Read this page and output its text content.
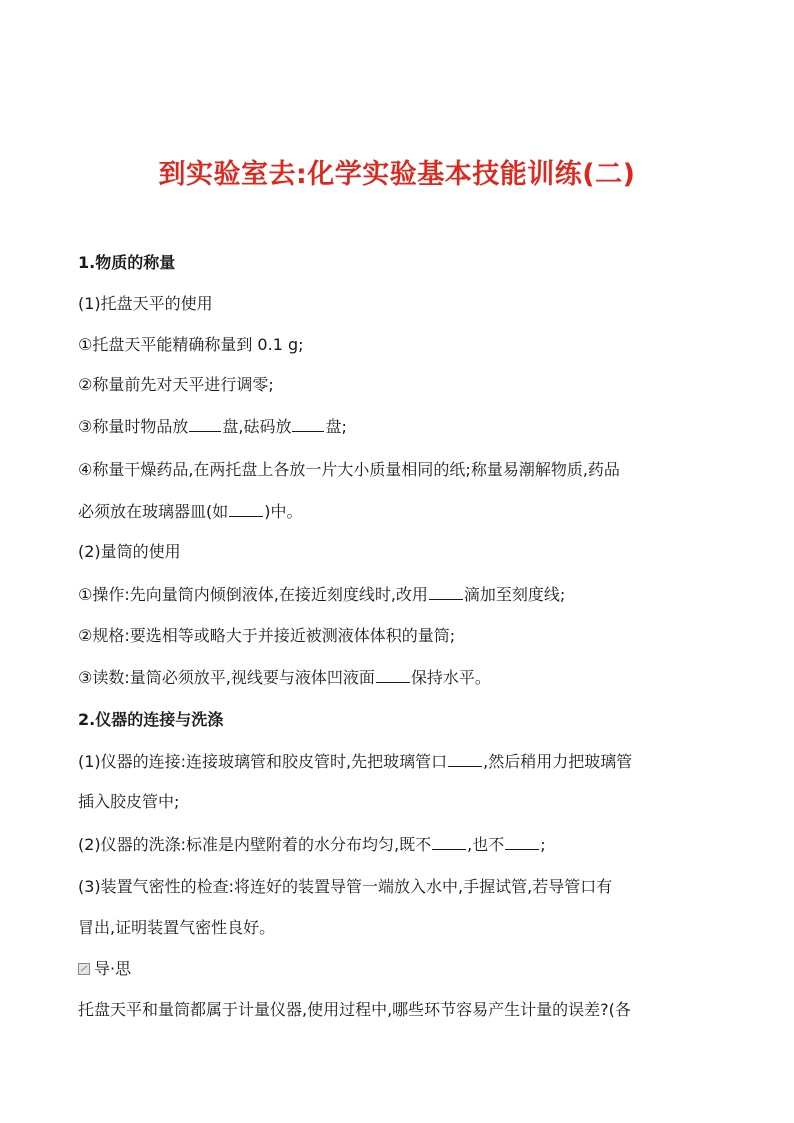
到实验室去:化学实验基本技能训练(二)
1.物质的称量
(1)托盘天平的使用
①托盘天平能精确称量到 0.1 g;
②称量前先对天平进行调零;
③称量时物品放 盘,砝码放 盘;
④称量干燥药品,在两托盘上各放一片大小质量相同的纸;称量易潮解物质,药品
必须放在玻璃器皿(如 )中。
(2)量筒的使用
①操作:先向量筒内倾倒液体,在接近刻度线时,改用 滴加至刻度线;
②规格:要选相等或略大于并接近被测液体体积的量筒;
③读数:量筒必须放平,视线要与液体凹液面 保持水平。
2.仪器的连接与洗涤
(1)仪器的连接:连接玻璃管和胶皮管时,先把玻璃管口 ,然后稍用力把玻璃管
插入胶皮管中;
(2)仪器的洗涤:标准是内壁附着的水分布均匀,既不 ,也不 ;
(3)装置气密性的检查:将连好的装置导管一端放入水中,手握试管,若导管口有
冒出,证明装置气密性良好。
导·思
托盘天平和量筒都属于计量仪器,使用过程中,哪些环节容易产生计量的误差?(各
